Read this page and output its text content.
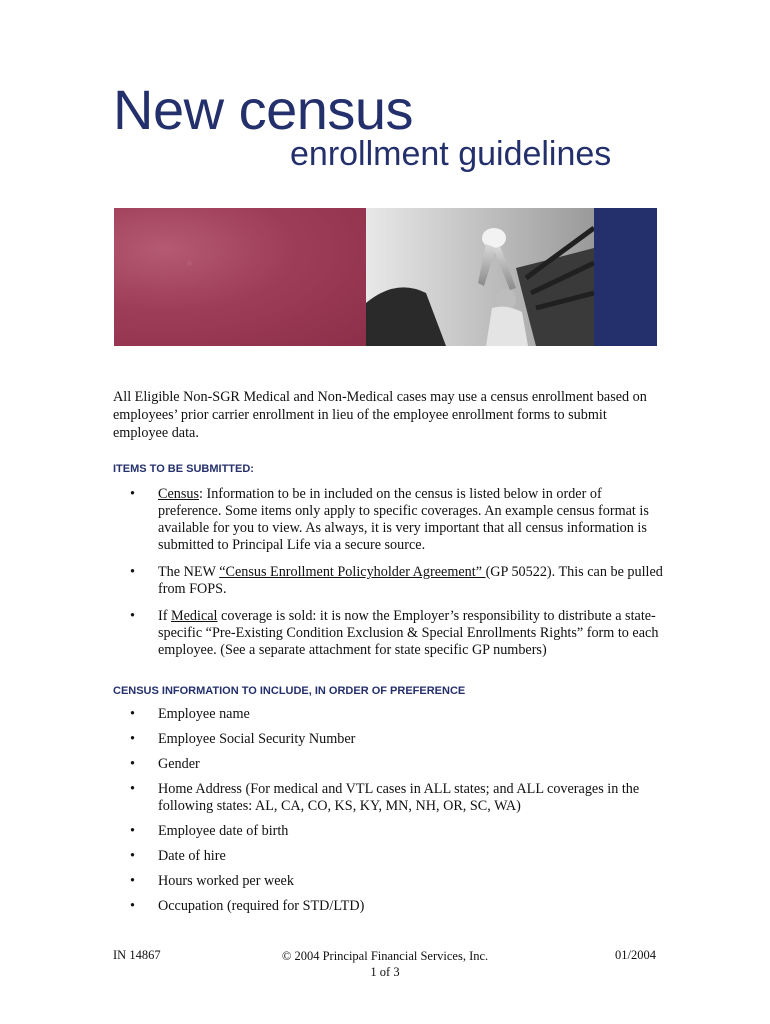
New census
enrollment guidelines
All Eligible Non-SGR Medical and Non-Medical cases may use a census enrollment based on employees’ prior carrier enrollment in lieu of the employee enrollment forms to submit employee data.
ITEMS TO BE SUBMITTED:
• Census: Information to be in included on the census is listed below in order of preference. Some items only apply to specific coverages. An example census format is available for you to view. As always, it is very important that all census information is submitted to Principal Life via a secure source.
• The NEW “Census Enrollment Policyholder Agreement” (GP 50522). This can be pulled from FOPS.
• If Medical coverage is sold: it is now the Employer’s responsibility to distribute a state-specific “Pre-Existing Condition Exclusion & Special Enrollments Rights” form to each employee. (See a separate attachment for state specific GP numbers)
CENSUS INFORMATION TO INCLUDE, IN ORDER OF PREFERENCE
• Employee name
• Employee Social Security Number
• Gender
• Home Address (For medical and VTL cases in ALL states; and ALL coverages in the following states: AL, CA, CO, KS, KY, MN, NH, OR, SC, WA)
• Employee date of birth
• Date of hire
• Hours worked per week
• Occupation (required for STD/LTD)
IN 14867	© 2004 Principal Financial Services, Inc.
1 of 3
01/2004
